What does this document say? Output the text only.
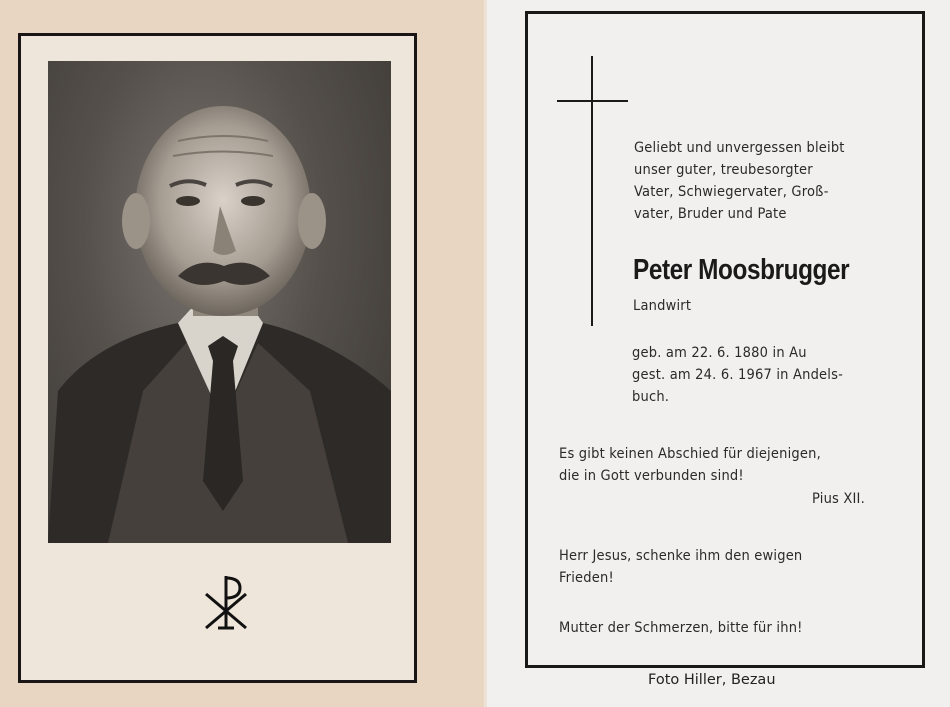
Geliebt und unvergessen bleibt
unser guter, treubesorgter
Vater, Schwiegervater, Groß-
vater, Bruder und Pate
Peter Moosbrugger
Landwirt
geb. am 22. 6. 1880 in Au
gest. am 24. 6. 1967 in Andels-
buch.
Es gibt keinen Abschied für diejenigen,
die in Gott verbunden sind!
Pius XII.
Herr Jesus, schenke ihm den ewigen
Frieden!
Mutter der Schmerzen, bitte für ihn!
Foto Hiller, Bezau
